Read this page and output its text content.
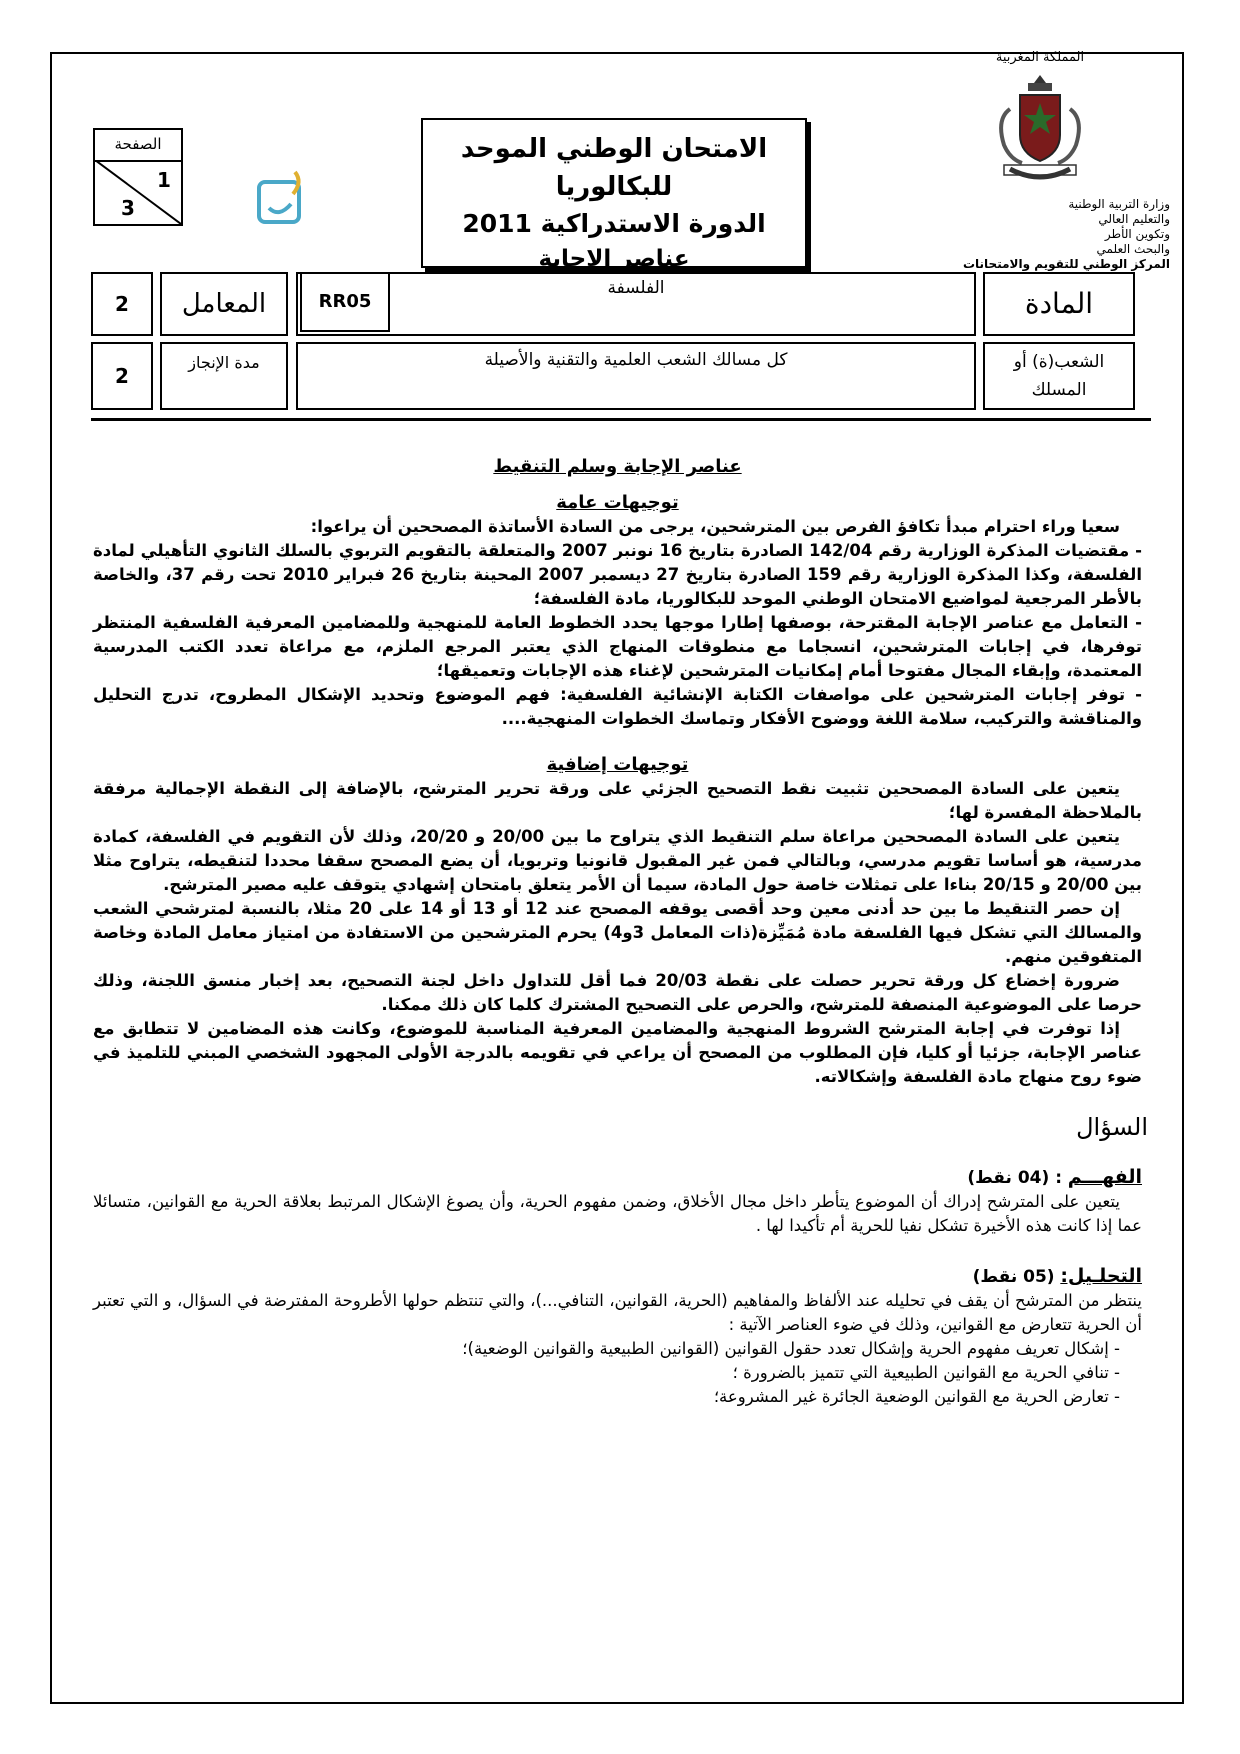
المملكة المغربية
وزارة التربية الوطنية
والتعليم العالي
وتكوين الأطر
والبحث العلمي
المركز الوطني للتقويم والامتحانات
الامتحان الوطني الموحد للبكالوريا
الدورة الاستدراكية 2011
عناصر الإجابة
الصفحة
1
3
المادة
الفلسفة
RR05
المعامل
2
الشعب(ة) أو المسلك
كل مسالك الشعب العلمية والتقنية والأصيلة
مدة الإنجاز
2

عناصر الإجابة وسلم التنقيط

توجيهات عامة

سعيا وراء احترام مبدأ تكافؤ الفرص بين المترشحين، يرجى من السادة الأساتذة المصححين أن يراعوا:

- مقتضيات المذكرة الوزارية رقم 142/04 الصادرة بتاريخ 16 نونبر 2007 والمتعلقة بالتقويم التربوي بالسلك الثانوي التأهيلي لمادة الفلسفة، وكذا المذكرة الوزارية رقم 159 الصادرة بتاريخ 27 ديسمبر 2007 المحينة بتاريخ 26 فبراير 2010 تحت رقم 37، والخاصة بالأطر المرجعية لمواضيع الامتحان الوطني الموحد للبكالوريا، مادة الفلسفة؛

- التعامل مع عناصر الإجابة المقترحة، بوصفها إطارا موجها يحدد الخطوط العامة للمنهجية وللمضامين المعرفية الفلسفية المنتظر توفرها، في إجابات المترشحين، انسجاما مع منطوقات المنهاج الذي يعتبر المرجع الملزم، مع مراعاة تعدد الكتب المدرسية المعتمدة، وإبقاء المجال مفتوحا أمام إمكانيات المترشحين لإغناء هذه الإجابات وتعميقها؛

- توفر إجابات المترشحين على مواصفات الكتابة الإنشائية الفلسفية: فهم الموضوع وتحديد الإشكال المطروح، تدرج التحليل والمناقشة والتركيب، سلامة اللغة ووضوح الأفكار وتماسك الخطوات المنهجية....

توجيهات إضافية

يتعين على السادة المصححين تثبيت نقط التصحيح الجزئي على ورقة تحرير المترشح، بالإضافة إلى النقطة الإجمالية مرفقة بالملاحظة المفسرة لها؛

يتعين على السادة المصححين مراعاة سلم التنقيط الذي يتراوح ما بين 20/00 و 20/20، وذلك لأن التقويم في الفلسفة، كمادة مدرسية، هو أساسا تقويم مدرسي، وبالتالي فمن غير المقبول قانونيا وتربويا، أن يضع المصحح سقفا محددا لتنقيطه، يتراوح مثلا بين 20/00 و 20/15 بناءا على تمثلات خاصة حول المادة، سيما أن الأمر يتعلق بامتحان إشهادي يتوقف عليه مصير المترشح.

إن حصر التنقيط ما بين حد أدنى معين وحد أقصى يوقفه المصحح عند 12 أو 13 أو 14 على 20 مثلا، بالنسبة لمترشحي الشعب والمسالك التي تشكل فيها الفلسفة مادة مُمَيِّزة(ذات المعامل 3و4) يحرم المترشحين من الاستفادة من امتياز معامل المادة وخاصة المتفوقين منهم.

ضرورة إخضاع كل ورقة تحرير حصلت على نقطة 20/03 فما أقل للتداول داخل لجنة التصحيح، بعد إخبار منسق اللجنة، وذلك حرصا على الموضوعية المنصفة للمترشح، والحرص على التصحيح المشترك كلما كان ذلك ممكنا.

إذا توفرت في إجابة المترشح الشروط المنهجية والمضامين المعرفية المناسبة للموضوع، وكانت هذه المضامين لا تتطابق مع عناصر الإجابة، جزئيا أو كليا، فإن المطلوب من المصحح أن يراعي في تقويمه بالدرجة الأولى المجهود الشخصي المبني للتلميذ في ضوء روح منهاج مادة الفلسفة وإشكالاته.

السؤال

الفهـــم : (04 نقط)

يتعين على المترشح إدراك أن الموضوع يتأطر داخل مجال الأخلاق، وضمن مفهوم الحرية، وأن يصوغ الإشكال المرتبط بعلاقة الحرية مع القوانين، متسائلا عما إذا كانت هذه الأخيرة تشكل نفيا للحرية أم تأكيدا لها .

التحلـيل: (05 نقط)

ينتظر من المترشح أن يقف في تحليله عند الألفاظ والمفاهيم (الحرية، القوانين، التنافي...)، والتي تنتظم حولها الأطروحة المفترضة في السؤال، و التي تعتبر أن الحرية تتعارض مع القوانين، وذلك في ضوء العناصر الآتية :

- إشكال تعريف مفهوم الحرية وإشكال تعدد حقول القوانين (القوانين الطبيعية والقوانين الوضعية)؛

- تنافي الحرية مع القوانين الطبيعية التي تتميز بالضرورة ؛

- تعارض الحرية مع القوانين الوضعية الجائرة غير المشروعة؛
